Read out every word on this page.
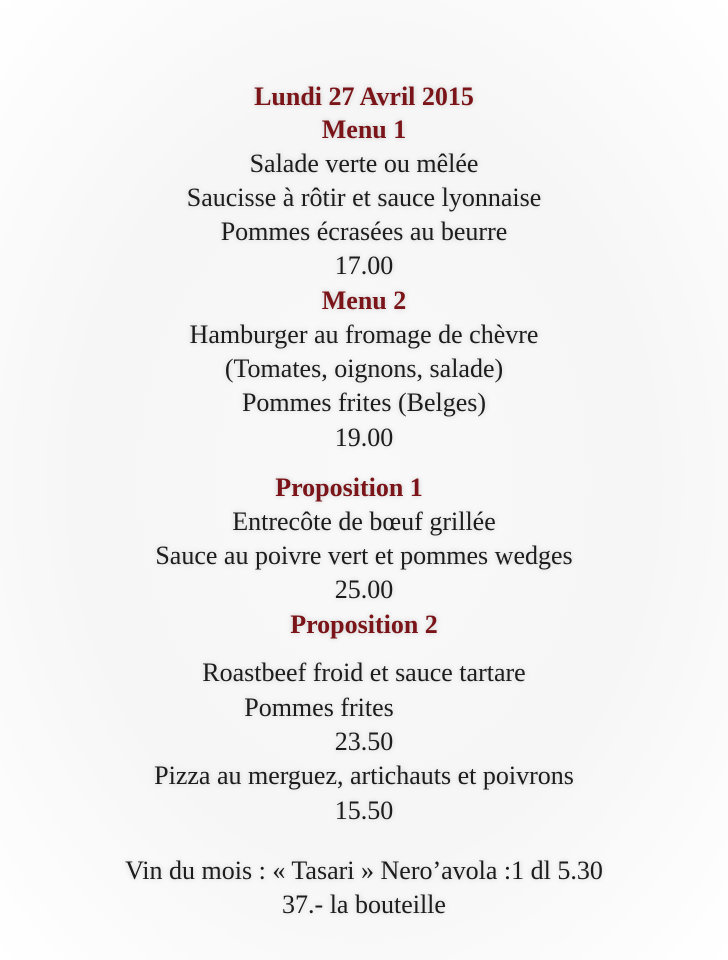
Lundi 27 Avril 2015
Menu 1
Salade verte ou mêlée
Saucisse à rôtir et sauce lyonnaise
Pommes écrasées au beurre
17.00
Menu 2
Hamburger au fromage de chèvre
(Tomates, oignons, salade)
Pommes frites (Belges)
19.00
Proposition 1
Entrecôte de bœuf grillée
Sauce au poivre vert et pommes wedges
25.00
Proposition 2
Roastbeef froid et sauce tartare
Pommes frites
23.50
Pizza au merguez, artichauts et poivrons
15.50
Vin du mois : « Tasari » Nero’avola :1 dl 5.30
37.- la bouteille
